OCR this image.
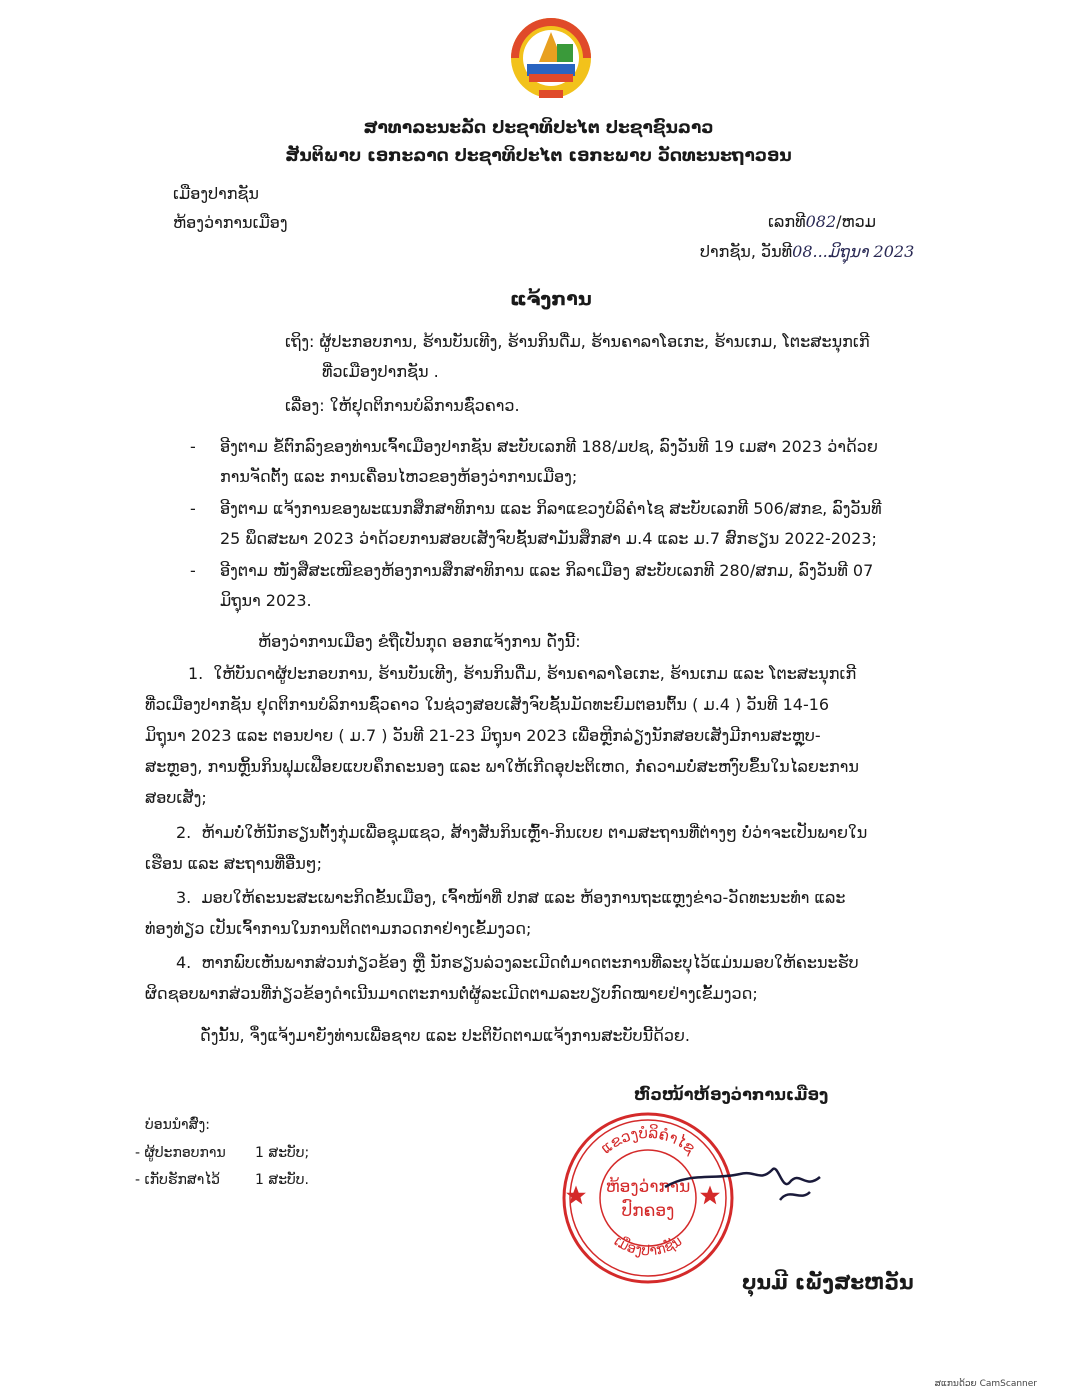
ສາທາລະນະລັດ ປະຊາທິປະໄຕ ປະຊາຊົນລາວ
ສັນຕິພາບ ເອກະລາດ ປະຊາທິປະໄຕ ເອກະພາບ ວັດທະນະຖາວອນ
ເມືອງປາກຊັນ
ຫ້ອງວ່າການເມືອງ	ເລກທີ082/ຫວມ
ປາກຊັນ, ວັນທີ08...ມິຖຸນາ 2023
ແຈ້ງການ
ເຖິງ: ຜູ້ປະກອບການ, ຮ້ານບັນເທີງ, ຮ້ານກິນດື່ມ, ຮ້ານຄາລາໂອເກະ, ຮ້ານເກມ, ໂຕະສະນຸກເກີ
ທີ່ວເມືອງປາກຊັນ .
ເລື່ອງ: ໃຫ້ຢຸດຕິການບໍລິການຊົ່ວຄາວ.
- ອີງຕາມ ຂໍ້ຕົກລົງຂອງທ່ານເຈົ້າເມືອງປາກຊັນ ສະບັບເລກທີ 188/ມປຊ, ລົງວັນທີ 19 ເມສາ 2023 ວ່າດ້ວຍ
ການຈັດຕັ້ງ ແລະ ການເຄື່ອນໄຫວຂອງຫ້ອງວ່າການເມືອງ;
- ອີງຕາມ ແຈ້ງການຂອງພະແນກສຶກສາທິການ ແລະ ກິລາແຂວງບໍລິຄໍາໄຊ ສະບັບເລກທີ 506/ສກຂ, ລົງວັນທີ
25 ພຶດສະພາ 2023 ວ່າດ້ວຍການສອບເສັງຈົບຊັ້ນສາມັນສຶກສາ ມ.4 ແລະ ມ.7 ສົກຮຽນ 2022-2023;
- ອີງຕາມ ໜັງສືສະເໜີຂອງຫ້ອງການສຶກສາທິການ ແລະ ກິລາເມືອງ ສະບັບເລກທີ 280/ສກມ, ລົງວັນທີ 07
ມິຖຸນາ 2023.
ຫ້ອງວ່າການເມືອງ ຂໍຖືເປັນກຸດ ອອກແຈ້ງການ ດັ່ງນີ້:
1. ໃຫ້ບັນດາຜູ້ປະກອບການ, ຮ້ານບັນເທີງ, ຮ້ານກິນດື່ມ, ຮ້ານຄາລາໂອເກະ, ຮ້ານເກມ ແລະ ໂຕະສະນຸກເກີ
ທີ່ວເມືອງປາກຊັນ ຢຸດຕິການບໍລິການຊົ່ວຄາວ ໃນຊ່ວງສອບເສັງຈົບຊັ້ນມັດທະຍົມຕອນຕົ້ນ ( ມ.4 ) ວັນທີ 14-16
ມິຖຸນາ 2023 ແລະ ຕອນປາຍ ( ມ.7 ) ວັນທີ 21-23 ມິຖຸນາ 2023 ເພື່ອຫຼີກລ່ຽງນັກສອບເສັງມີການສະຫຼຸບ-
ສະຫຼອງ, ການຫຼິ້ນກິນຟຸມເຟືອຍແບບຄຶກຄະນອງ ແລະ ພາໃຫ້ເກີດອຸປະຕິເຫດ, ກໍ່ຄວາມບໍ່ສະຫງົບຂຶ້ນໃນໄລຍະການ
ສອບເສັງ;
2. ຫ້າມບໍ່ໃຫ້ນັກຮຽນຕັ້ງກຸ່ມເພື່ອຊຸມແຊວ, ສ້າງສັນກິນເຫຼົ້າ-ກິນເບຍ ຕາມສະຖານທີ່ຕ່າງໆ ບໍ່ວ່າຈະເປັນພາຍໃນ
ເຮືອນ ແລະ ສະຖານທີ່ອື່ນໆ;
3. ມອບໃຫ້ຄະນະສະເພາະກິດຂັ້ນເມືອງ, ເຈົ້າໜ້າທີ່ ປກສ ແລະ ຫ້ອງການຖະແຫຼງຂ່າວ-ວັດທະນະທໍາ ແລະ
ທ່ອງທ່ຽວ ເປັນເຈົ້າການໃນການຕິດຕາມກວດກາຢ່າງເຂັ້ມງວດ;
4. ຫາກພົບເຫັນພາກສ່ວນກ່ຽວຂ້ອງ ຫຼື ນັກຮຽນລ່ວງລະເມີດຕໍ່ມາດຕະການທີ່ລະບຸໄວ້ແມ່ນມອບໃຫ້ຄະນະຮັບ
ຜິດຊອບພາກສ່ວນທີ່ກ່ຽວຂ້ອງດໍາເນີນມາດຕະການຕໍ່ຜູ້ລະເມີດຕາມລະບຽບກົດໝາຍຢ່າງເຂັ້ມງວດ;
ດັ່ງນັ້ນ, ຈຶ່ງແຈ້ງມາຍັງທ່ານເພື່ອຊາບ ແລະ ປະຕິບັດຕາມແຈ້ງການສະບັບນີ້ດ້ວຍ.
ຫົວໜ້າຫ້ອງວ່າການເມືອງ
ບ່ອນນໍາສົ່ງ:
- ຜູ້ປະກອບການ 1 ສະບັບ;
- ເກັບຮັກສາໄວ້	1 ສະບັບ.
ແຂວງບໍລິຄໍາໄຊ
ເມືອງປາກຊັນ
ຫ້ອງວ່າການ
ປົກຄອງ
ບຸນມີ ເພັງສະຫວັນ
ສແກນດ້ວຍ CamScanner
